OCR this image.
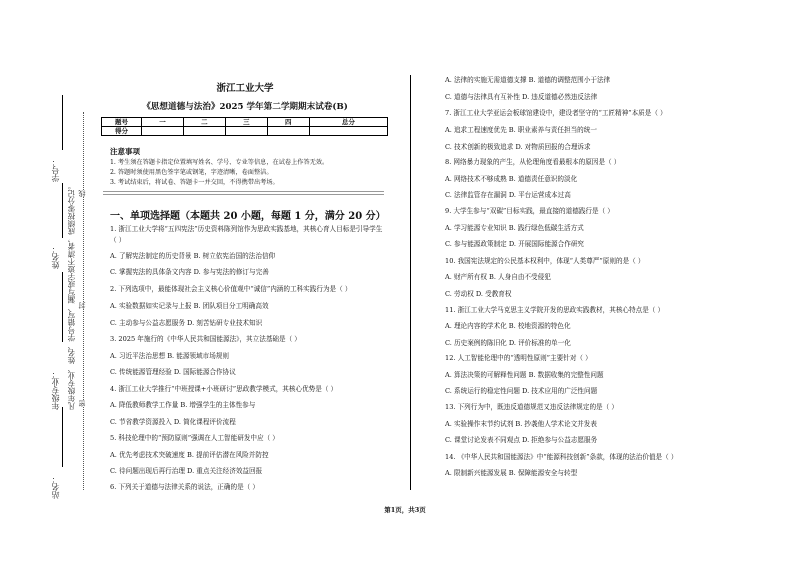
学号：
姓名：
年级专业：
站名：
凡年级专业、姓名、学号错写、漏写或字迹不清者，成绩按零分记。 线
封
密
浙江工业大学
《思想道德与法治》2025 学年第二学期期末试卷(B)
题号	一	二	三	四	总分
得分					
注意事项
1. 考生须在答题卡指定位置填写姓名、学号、专业等信息，在试卷上作答无效。
2. 答题时须使用黑色签字笔或钢笔，字迹清晰，卷面整洁。
3. 考试结束后，将试卷、答题卡一并交回，不得携带出考场。
一、单项选择题（本题共 20 小题，每题 1 分，满分 20 分）
1. 浙江工业大学将“五四宪法”历史资料陈列馆作为思政实践基地，其核心育人目标是引导学生（ ）
A. 了解宪法制定的历史背景 B. 树立依宪治国的法治信仰
C. 掌握宪法的具体条文内容 D. 参与宪法的修订与完善
2. 下列选项中，最能体现社会主义核心价值观中“诚信”内涵的工科实践行为是（ ）
A. 实验数据如实记录与上报 B. 团队项目分工明确高效
C. 主动参与公益志愿服务 D. 刻苦钻研专业技术知识
3. 2025 年施行的《中华人民共和国能源法》，其立法基础是（ ）
A. 习近平法治思想 B. 能源领域市场规则
C. 传统能源管理经验 D. 国际能源合作协议
4. 浙江工业大学推行“中班授课+小班研讨”思政教学模式，其核心优势是（ ）
A. 降低教师教学工作量 B. 增强学生的主体性参与
C. 节省教学资源投入 D. 简化课程评价流程
5. 科技伦理中的“预防原则”强调在人工智能研发中应（ ）
A. 优先考虑技术突破速度 B. 提前评估潜在风险并防控
C. 待问题出现后再行治理 D. 重点关注经济效益回报
6. 下列关于道德与法律关系的说法，正确的是（ ）
A. 法律的实施无需道德支撑 B. 道德的调整范围小于法律
C. 道德与法律具有互补性 D. 违反道德必然违反法律
7. 浙江工业大学亚运会板球馆建设中，建设者坚守的“工匠精神”本质是（ ）
A. 追求工程速度优先 B. 职业素养与责任担当的统一
C. 技术创新的极致追求 D. 对物质回报的合理诉求
8. 网络暴力现象的产生，从伦理角度看最根本的原因是（ ）
A. 网络技术不够成熟 B. 道德责任意识的淡化
C. 法律监管存在漏洞 D. 平台运营成本过高
9. 大学生参与“双碳”目标实践，最直接的道德践行是（ ）
A. 学习能源专业知识 B. 践行绿色低碳生活方式
C. 参与能源政策制定 D. 开展国际能源合作研究
10. 我国宪法规定的公民基本权利中，体现“人类尊严”原则的是（ ）
A. 财产所有权 B. 人身自由不受侵犯
C. 劳动权 D. 受教育权
11. 浙江工业大学马克思主义学院开发的思政实践教材，其核心特点是（ ）
A. 理论内容的学术化 B. 校地资源的特色化
C. 历史案例的陈旧化 D. 评价标准的单一化
12. 人工智能伦理中的“透明性原则”主要针对（ ）
A. 算法决策的可解释性问题 B. 数据收集的完整性问题
C. 系统运行的稳定性问题 D. 技术应用的广泛性问题
13. 下列行为中，既违反道德规范又违反法律规定的是（ ）
A. 实验操作末节约试剂 B. 抄袭他人学术论文并发表
C. 课堂讨论发表不同观点 D. 拒绝参与公益志愿服务
14. 《中华人民共和国能源法》中“能源科技创新”条款，体现的法治价值是（ ）
A. 限制新兴能源发展 B. 保障能源安全与转型
第1页，共3页
